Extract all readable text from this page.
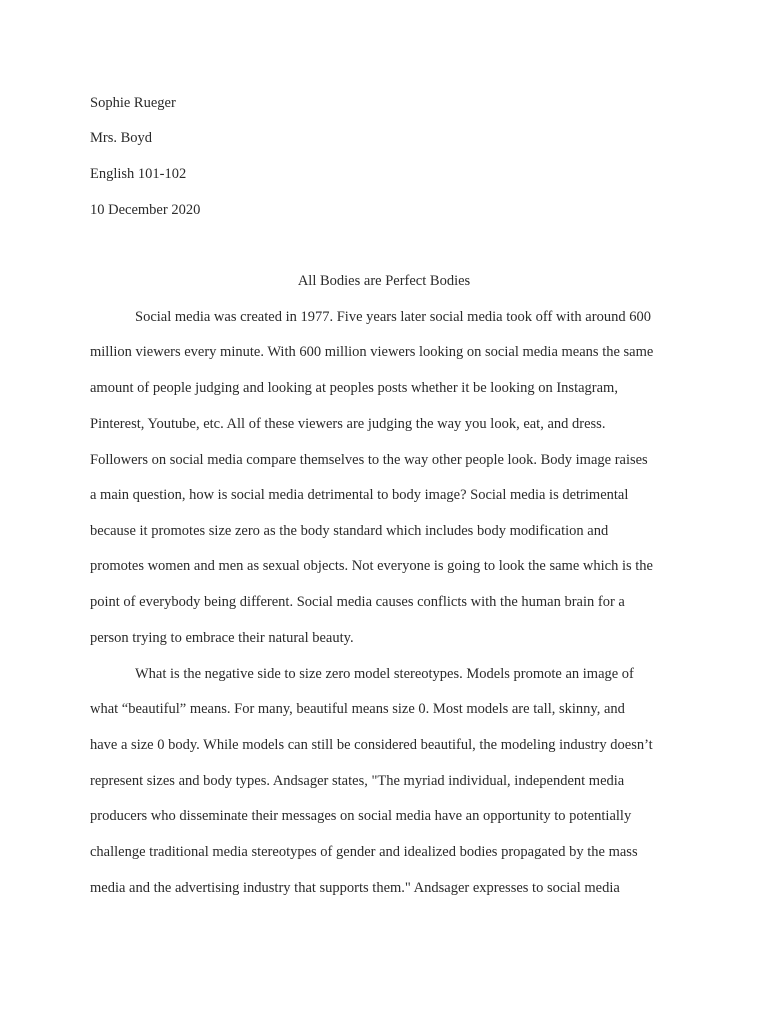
Sophie Rueger
Mrs. Boyd
English 101-102
10 December 2020
All Bodies are Perfect Bodies
Social media was created in 1977. Five years later social media took off with around 600
million viewers every minute. With 600 million viewers looking on social media means the same
amount of people judging and looking at peoples posts whether it be looking on Instagram,
Pinterest, Youtube, etc. All of these viewers are judging the way you look, eat, and dress.
Followers on social media compare themselves to the way other people look. Body image raises
a main question, how is social media detrimental to body image? Social media is detrimental
because it promotes size zero as the body standard which includes body modification and
promotes women and men as sexual objects. Not everyone is going to look the same which is the
point of everybody being different. Social media causes conflicts with the human brain for a
person trying to embrace their natural beauty.
What is the negative side to size zero model stereotypes. Models promote an image of
what “beautiful” means. For many, beautiful means size 0. Most models are tall, skinny, and
have a size 0 body. While models can still be considered beautiful, the modeling industry doesn’t
represent sizes and body types. Andsager states, "The myriad individual, independent media
producers who disseminate their messages on social media have an opportunity to potentially
challenge traditional media stereotypes of gender and idealized bodies propagated by the mass
media and the advertising industry that supports them." Andsager expresses to social media
